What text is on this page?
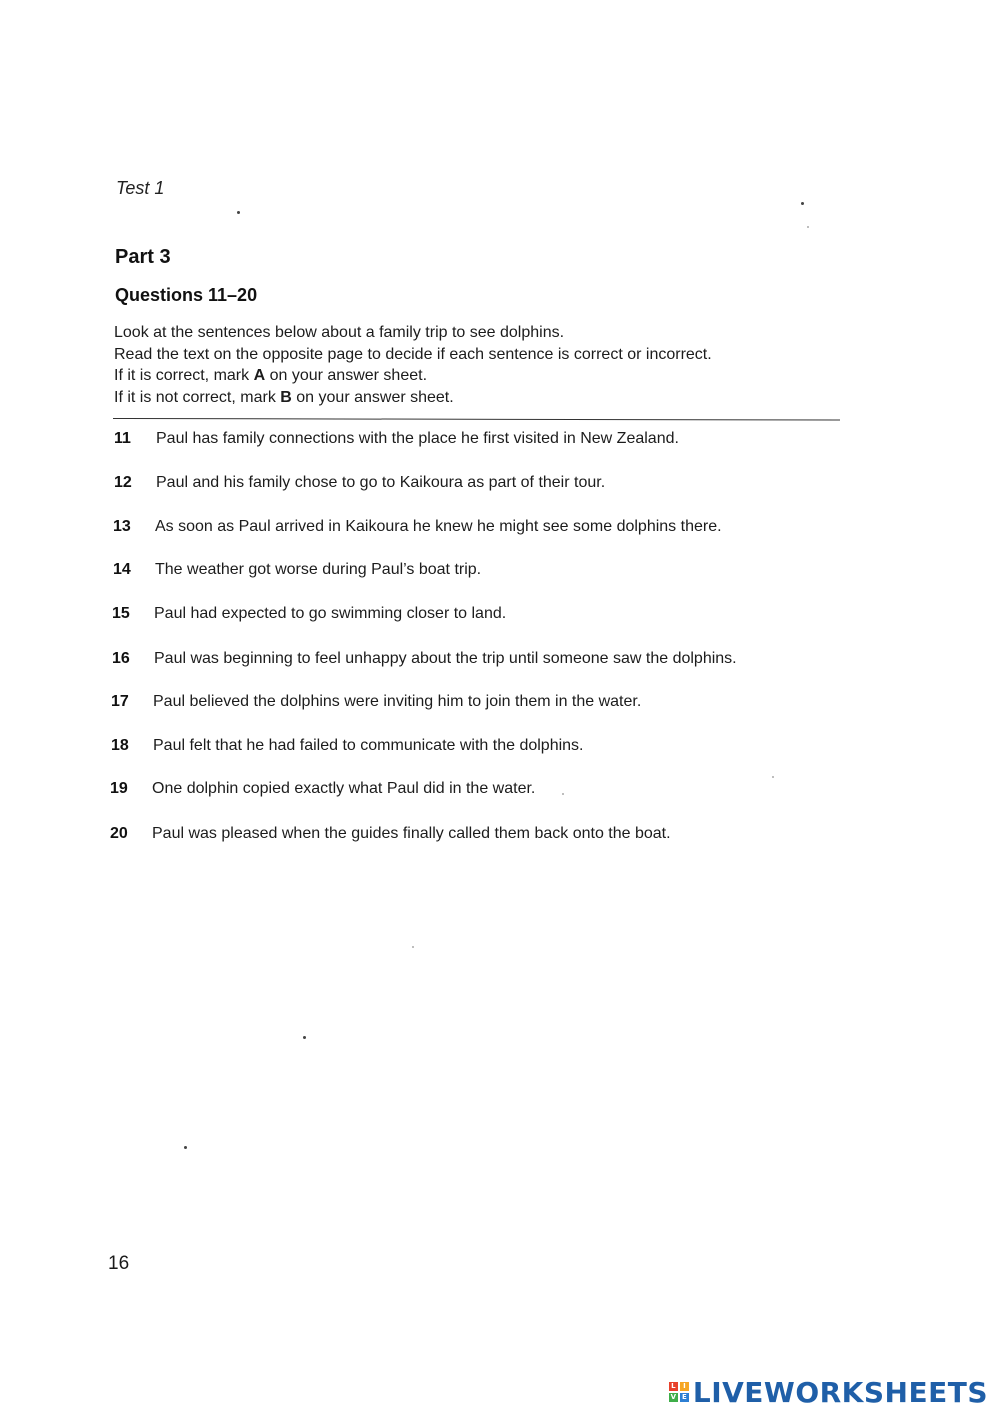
Test 1
Part 3
Questions 11–20
Look at the sentences below about a family trip to see dolphins.
Read the text on the opposite page to decide if each sentence is correct or incorrect.
If it is correct, mark A on your answer sheet.
If it is not correct, mark B on your answer sheet.
11 Paul has family connections with the place he first visited in New Zealand.
12 Paul and his family chose to go to Kaikoura as part of their tour.
13 As soon as Paul arrived in Kaikoura he knew he might see some dolphins there.
14 The weather got worse during Paul’s boat trip.
15 Paul had expected to go swimming closer to land.
16 Paul was beginning to feel unhappy about the trip until someone saw the dolphins.
17 Paul believed the dolphins were inviting him to join them in the water.
18 Paul felt that he had failed to communicate with the dolphins.
19 One dolphin copied exactly what Paul did in the water.
20 Paul was pleased when the guides finally called them back onto the boat.
16
L	I
V E LIVEWORKSHEETS
